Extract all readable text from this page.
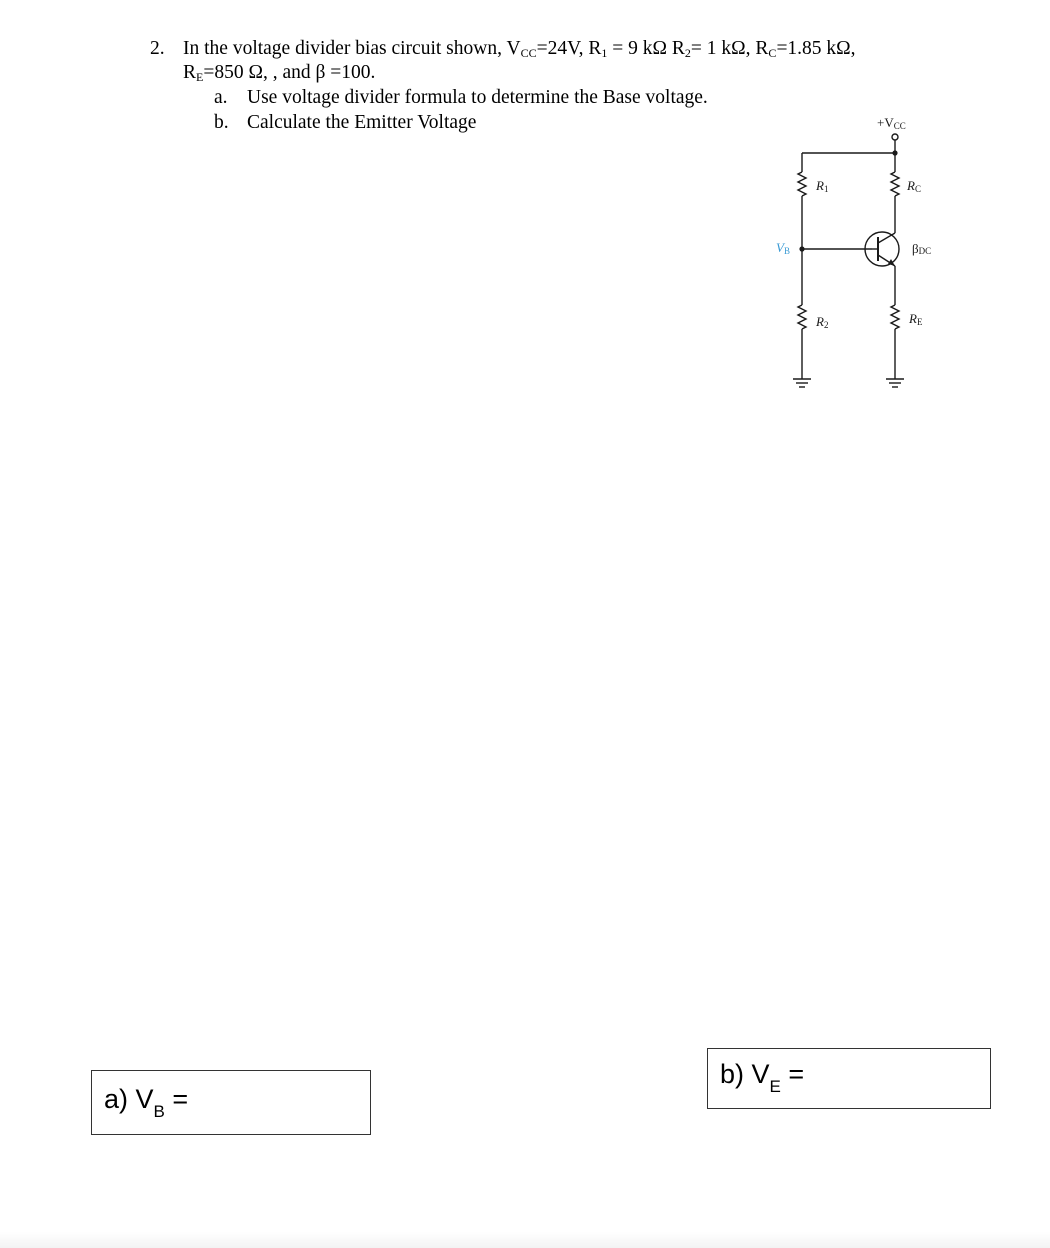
2. In the voltage divider bias circuit shown, $V_{CC}=24V$, $R_1 = 9$ kΩ $R_2= 1$ kΩ, $R_C=1.85$ kΩ,
$R_E=850$ Ω, , and β =100.
a. Use voltage divider formula to determine the Base voltage.
b. Calculate the Emitter Voltage	+VCC
R1	RC
VB	βDC
R2	RE
a) $V_B$ =
b) $V_E$ =
